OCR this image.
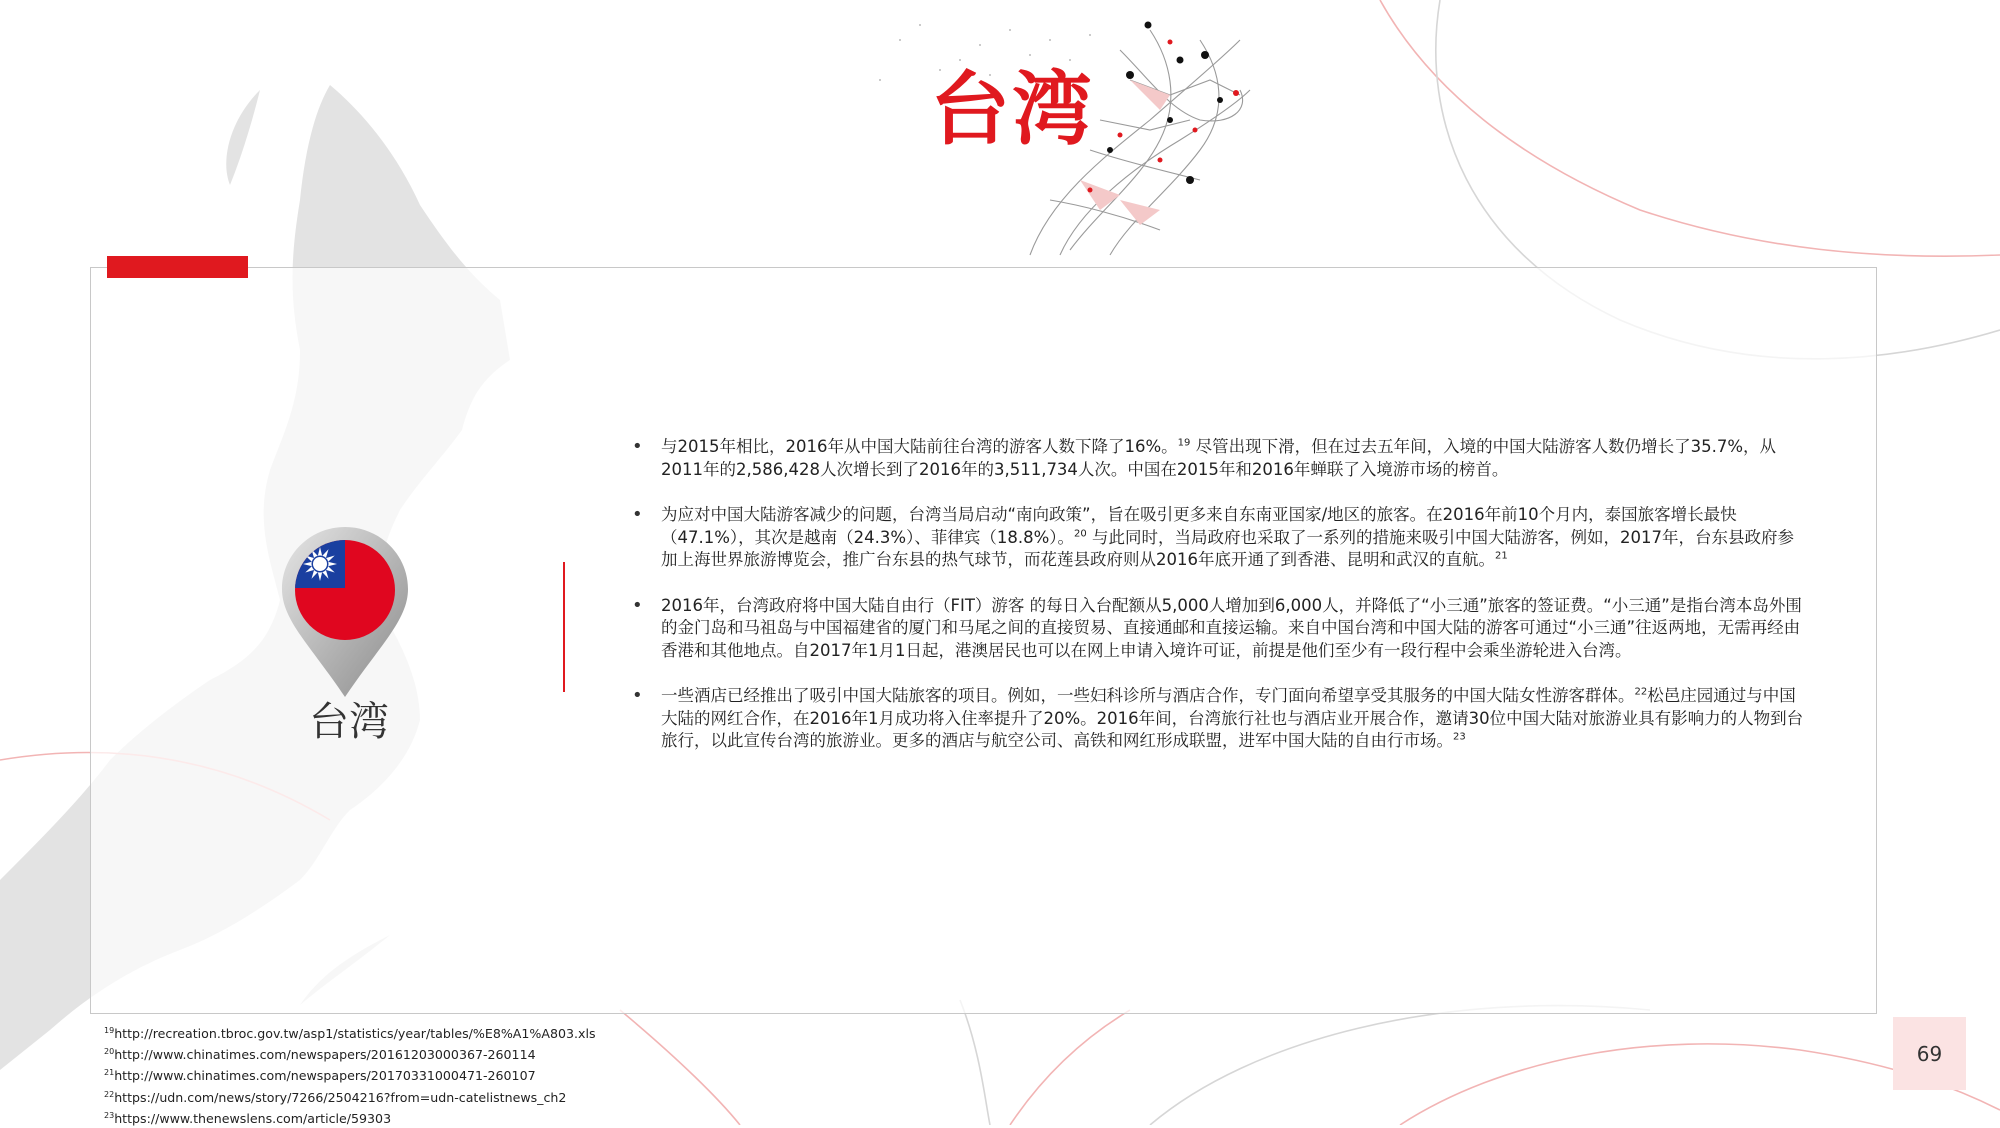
台湾
台湾
• 与2015年相比，2016年从中国大陆前往台湾的游客人数下降了16%。$^{19}$ 尽管出现下滑，但在过去五年间，入境的中国大陆游客人数仍增长了35.7%，从2011年的2,586,428人次增长到了2016年的3,511,734人次。中国在2015年和2016年蝉联了入境游市场的榜首。
• 为应对中国大陆游客减少的问题，台湾当局启动“南向政策”，旨在吸引更多来自东南亚国家/地区的旅客。在2016年前10个月内，泰国旅客增长最快（47.1%），其次是越南（24.3%）、菲律宾（18.8%）。$^{20}$ 与此同时，当局政府也采取了一系列的措施来吸引中国大陆游客，例如，2017年，台东县政府参加上海世界旅游博览会，推广台东县的热气球节，而花莲县政府则从2016年底开通了到香港、昆明和武汉的直航。$^{21}$
• 2016年，台湾政府将中国大陆自由行（FIT）游客 的每日入台配额从5,000人增加到6,000人，并降低了“小三通”旅客的签证费。“小三通”是指台湾本岛外围的金门岛和马祖岛与中国福建省的厦门和马尾之间的直接贸易、直接通邮和直接运输。来自中国台湾和中国大陆的游客可通过“小三通”往返两地，无需再经由香港和其他地点。自2017年1月1日起，港澳居民也可以在网上申请入境许可证，前提是他们至少有一段行程中会乘坐游轮进入台湾。
• 一些酒店已经推出了吸引中国大陆旅客的项目。例如，一些妇科诊所与酒店合作，专门面向希望享受其服务的中国大陆女性游客群体。$^{22}$松邑庄园通过与中国大陆的网红合作，在2016年1月成功将入住率提升了20%。2016年间，台湾旅行社也与酒店业开展合作，邀请30位中国大陆对旅游业具有影响力的人物到台旅行，以此宣传台湾的旅游业。更多的酒店与航空公司、高铁和网红形成联盟，进军中国大陆的自由行市场。$^{23}$
$^{19}$http://recreation.tbroc.gov.tw/asp1/statistics/year/tables/%E8%A1%A803.xls
$^{20}$http://www.chinatimes.com/newspapers/20161203000367-260114
$^{21}$http://www.chinatimes.com/newspapers/20170331000471-260107
$^{22}$https://udn.com/news/story/7266/2504216?from=udn-catelistnews_ch2
$^{23}$https://www.thenewslens.com/article/59303
69
